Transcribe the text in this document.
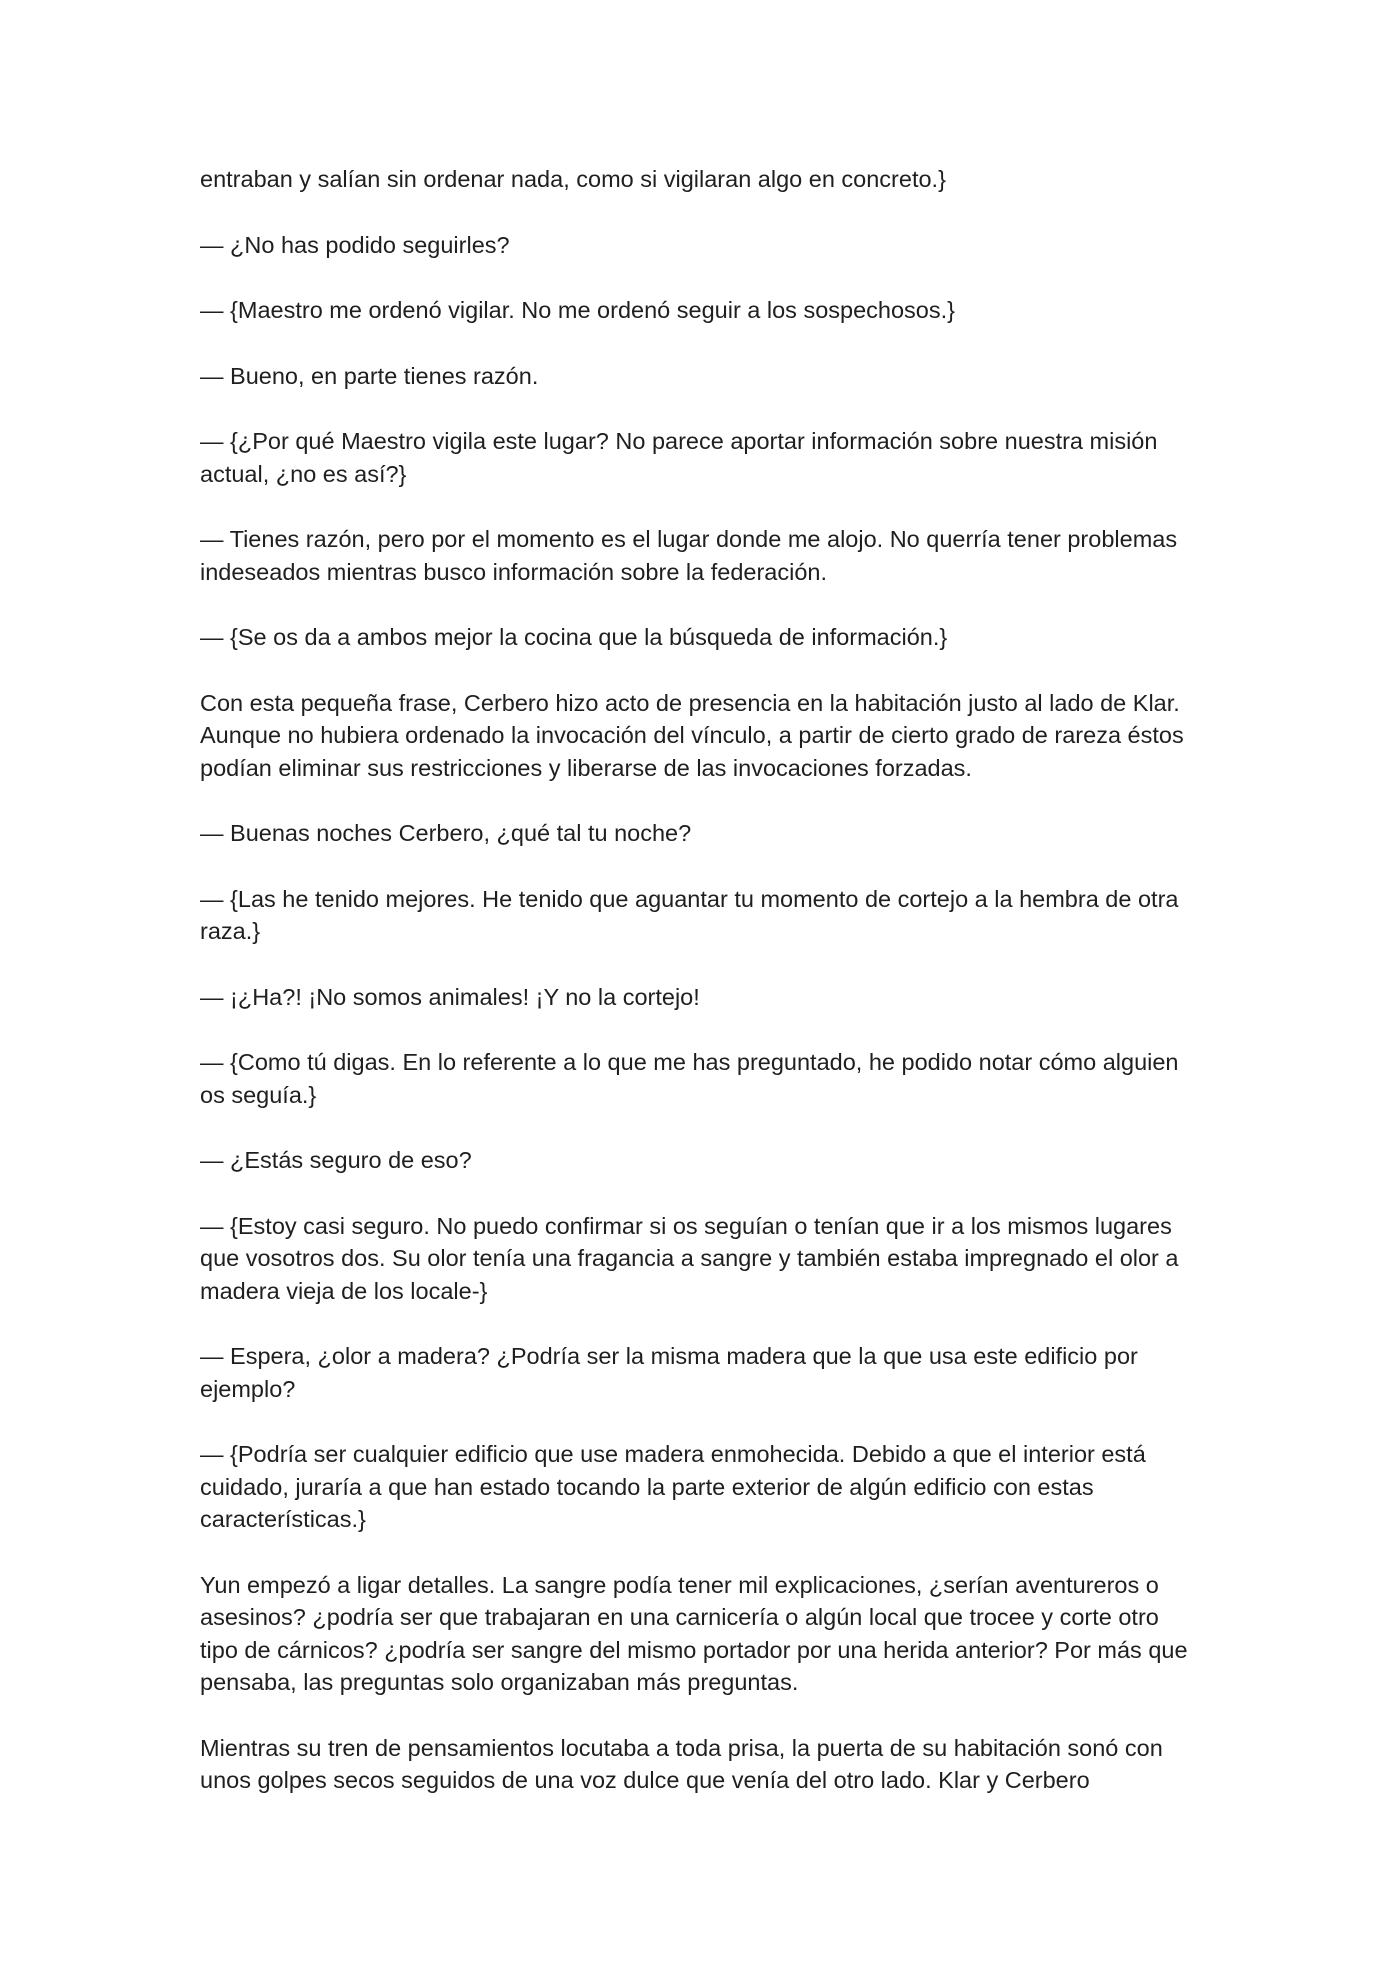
entraban y salían sin ordenar nada, como si vigilaran algo en concreto.}

— ¿No has podido seguirles?

— {Maestro me ordenó vigilar. No me ordenó seguir a los sospechosos.}

— Bueno, en parte tienes razón.

— {¿Por qué Maestro vigila este lugar? No parece aportar información sobre nuestra misión actual, ¿no es así?}

— Tienes razón, pero por el momento es el lugar donde me alojo. No querría tener problemas indeseados mientras busco información sobre la federación.

— {Se os da a ambos mejor la cocina que la búsqueda de información.}

Con esta pequeña frase, Cerbero hizo acto de presencia en la habitación justo al lado de Klar. Aunque no hubiera ordenado la invocación del vínculo, a partir de cierto grado de rareza éstos podían eliminar sus restricciones y liberarse de las invocaciones forzadas.

— Buenas noches Cerbero, ¿qué tal tu noche?

— {Las he tenido mejores. He tenido que aguantar tu momento de cortejo a la hembra de otra raza.}

— ¡¿Ha?! ¡No somos animales! ¡Y no la cortejo!

— {Como tú digas. En lo referente a lo que me has preguntado, he podido notar cómo alguien os seguía.}

— ¿Estás seguro de eso?

— {Estoy casi seguro. No puedo confirmar si os seguían o tenían que ir a los mismos lugares que vosotros dos. Su olor tenía una fragancia a sangre y también estaba impregnado el olor a madera vieja de los locale-}

— Espera, ¿olor a madera? ¿Podría ser la misma madera que la que usa este edificio por ejemplo?

— {Podría ser cualquier edificio que use madera enmohecida. Debido a que el interior está cuidado, juraría a que han estado tocando la parte exterior de algún edificio con estas características.}

Yun empezó a ligar detalles. La sangre podía tener mil explicaciones, ¿serían aventureros o asesinos? ¿podría ser que trabajaran en una carnicería o algún local que trocee y corte otro tipo de cárnicos? ¿podría ser sangre del mismo portador por una herida anterior? Por más que pensaba, las preguntas solo organizaban más preguntas.

Mientras su tren de pensamientos locutaba a toda prisa, la puerta de su habitación sonó con unos golpes secos seguidos de una voz dulce que venía del otro lado. Klar y Cerbero
